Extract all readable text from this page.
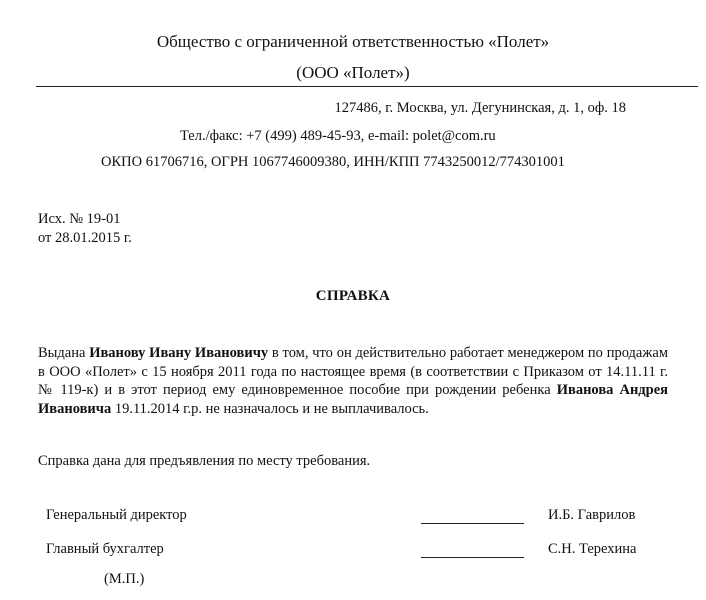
Общество с ограниченной ответственностью «Полет»
(ООО «Полет»)
127486, г. Москва, ул. Дегунинская, д. 1, оф. 18
Тел./факс: +7 (499) 489-45-93, e-mail: polet@com.ru
ОКПО 61706716, ОГРН 1067746009380, ИНН/КПП 7743250012/774301001
Исх. № 19-01
от 28.01.2015 г.
СПРАВКА
Выдана Иванову Ивану Ивановичу в том, что он действительно работает менеджером по продажам в ООО «Полет» с 15 ноября 2011 года по настоящее время (в соответствии с Приказом от 14.11.11 г. № 119-к) и в этот период ему единовременное пособие при рождении ребенка Иванова Андрея Ивановича 19.11.2014 г.р. не назначалось и не выплачивалось.
Справка дана для предъявления по месту требования.
Генеральный директор	И.Б. Гаврилов
Главный бухгалтер	С.Н. Терехина
(М.П.)
